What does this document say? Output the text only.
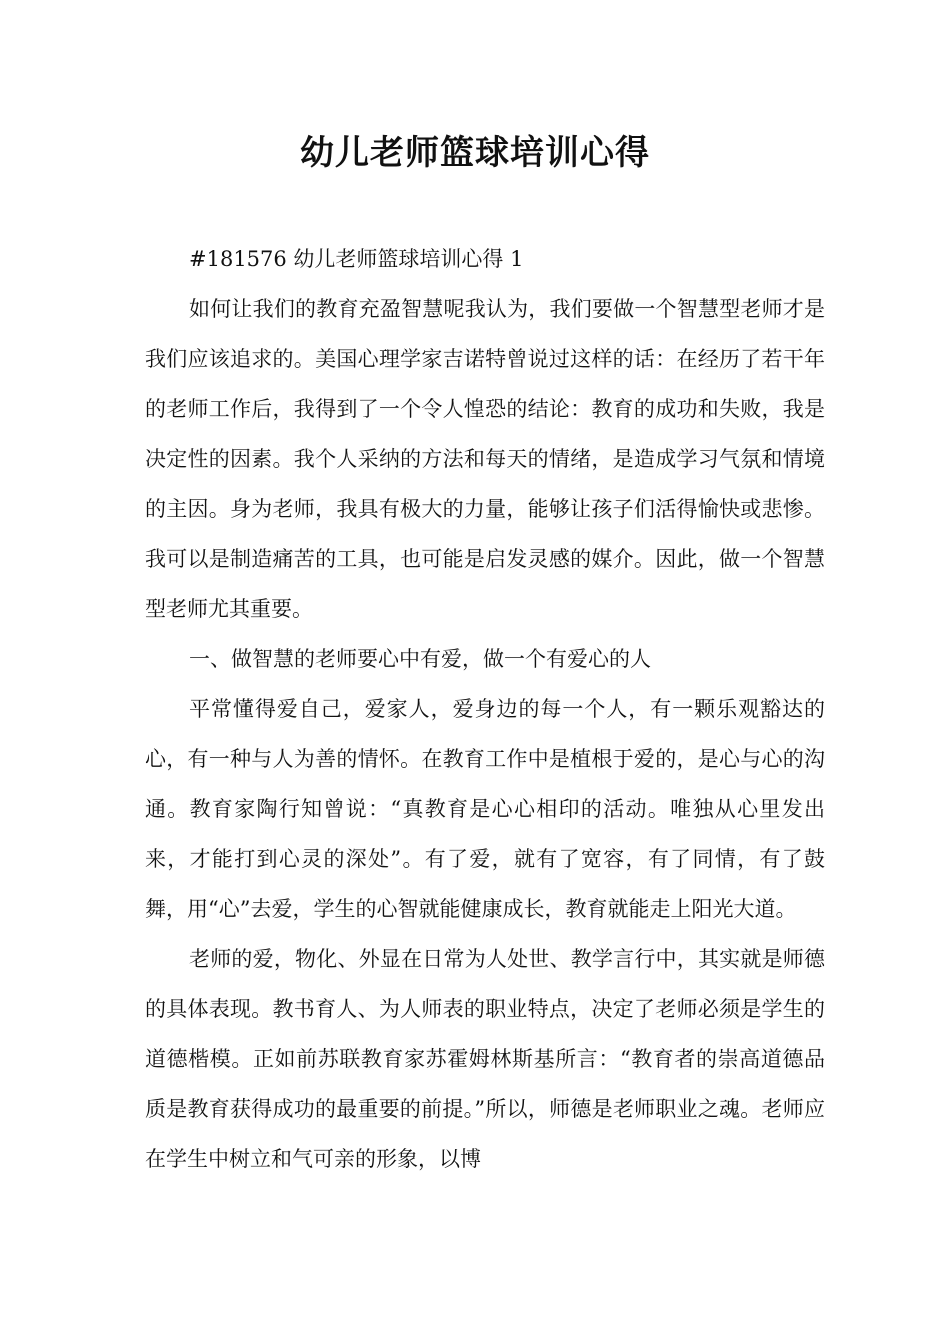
幼儿老师篮球培训心得

#181576 幼儿老师篮球培训心得 1

如何让我们的教育充盈智慧呢我认为，我们要做一个智慧型老师才是我们应该追求的。美国心理学家吉诺特曾说过这样的话：在经历了若干年的老师工作后，我得到了一个令人惶恐的结论：教育的成功和失败，我是决定性的因素。我个人采纳的方法和每天的情绪，是造成学习气氛和情境的主因。身为老师，我具有极大的力量，能够让孩子们活得愉快或悲惨。我可以是制造痛苦的工具，也可能是启发灵感的媒介。因此，做一个智慧型老师尤其重要。

一、做智慧的老师要心中有爱，做一个有爱心的人

平常懂得爱自己，爱家人，爱身边的每一个人，有一颗乐观豁达的心，有一种与人为善的情怀。在教育工作中是植根于爱的，是心与心的沟通。教育家陶行知曾说：“真教育是心心相印的活动。唯独从心里发出来，才能打到心灵的深处”。有了爱，就有了宽容，有了同情，有了鼓舞，用“心”去爱，学生的心智就能健康成长，教育就能走上阳光大道。

老师的爱，物化、外显在日常为人处世、教学言行中，其实就是师德的具体表现。教书育人、为人师表的职业特点，决定了老师必须是学生的道德楷模。正如前苏联教育家苏霍姆林斯基所言：“教育者的崇高道德品质是教育获得成功的最重要的前提。”所以，师德是老师职业之魂。老师应在学生中树立和气可亲的形象，以博
